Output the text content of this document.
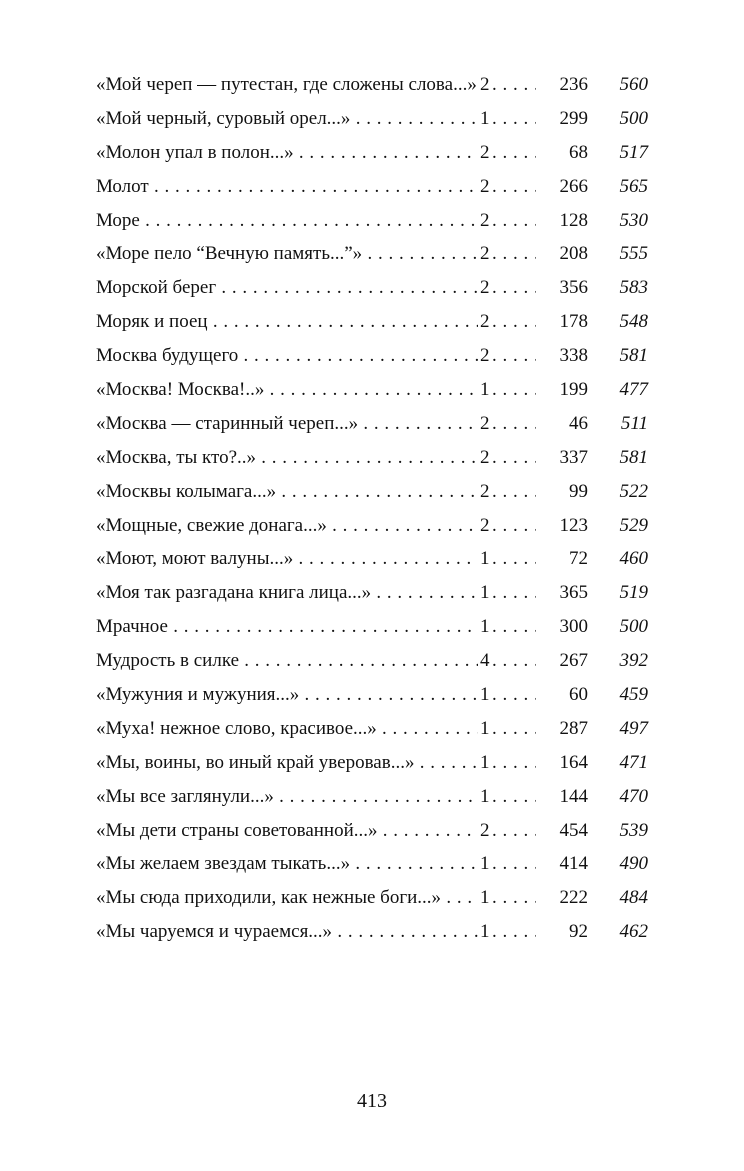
«Мой череп — путестан, где сложены слова...» . . . 2 . . .	236	560
«Мой черный, суровый орел...» . . .	1 . . .	299	500
«Молон упал в полон...» . . .	2 . . .	68	517
Молот . . .	2 . . .	266	565
Море . . .	2 . . .	128	530
«Море пело “Вечную память...”» . . .	2 . . .	208	555
Морской берег . . .	2 . . .	356	583
Моряк и поец . . .	2 . . .	178	548
Москва будущего . . .	2 . . .	338	581
«Москва! Москва!..» . . .	1 . . .	199	477
«Москва — старинный череп...» . . .	2 . . .	46	511
«Москва, ты кто?..» . . .	2 . . .	337	581
«Москвы колымага...» . . .	2 . . .	99	522
«Мощные, свежие донага...» . . .	2 . . .	123	529
«Моют, моют валуны...» . . .	1 . . .	72	460
«Моя так разгадана книга лица...» . . .	1 . . .	365	519
Мрачное . . .	1 . . .	300	500
Мудрость в силке . . .	4 . . .	267	392
«Мужуния и мужуния...» . . .	1 . . .	60	459
«Муха! нежное слово, красивое...» . . .	1 . . .	287	497
«Мы, воины, во иный край уверовав...» . . .	1 . . .	164	471
«Мы все заглянули...» . . .	1 . . .	144	470
«Мы дети страны советованной...» . . .	2 . . .	454	539
«Мы желаем звездам тыкать...» . . .	1 . . .	414	490
«Мы сюда приходили, как нежные боги...» . . .	1 . . .	222	484
«Мы чаруемся и чураемся...» . . .	1 . . .	92	462
413
